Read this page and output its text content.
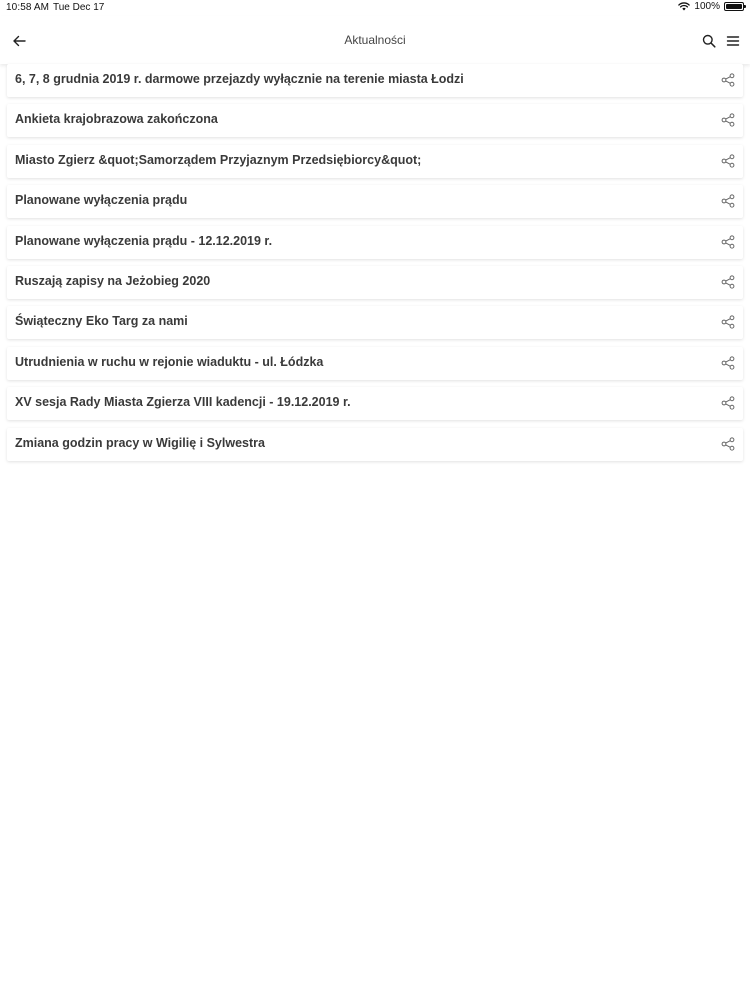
10:58 AM Tue Dec 17	100%
Aktualności
6, 7, 8 grudnia 2019 r. darmowe przejazdy wyłącznie na terenie miasta Łodzi
Ankieta krajobrazowa zakończona
Miasto Zgierz &quot;Samorządem Przyjaznym Przedsiębiorcy&quot;
Planowane wyłączenia prądu
Planowane wyłączenia prądu - 12.12.2019 r.
Ruszają zapisy na Jeżobieg 2020
Świąteczny Eko Targ za nami
Utrudnienia w ruchu w rejonie wiaduktu - ul. Łódzka
XV sesja Rady Miasta Zgierza VIII kadencji - 19.12.2019 r.
Zmiana godzin pracy w Wigilię i Sylwestra
